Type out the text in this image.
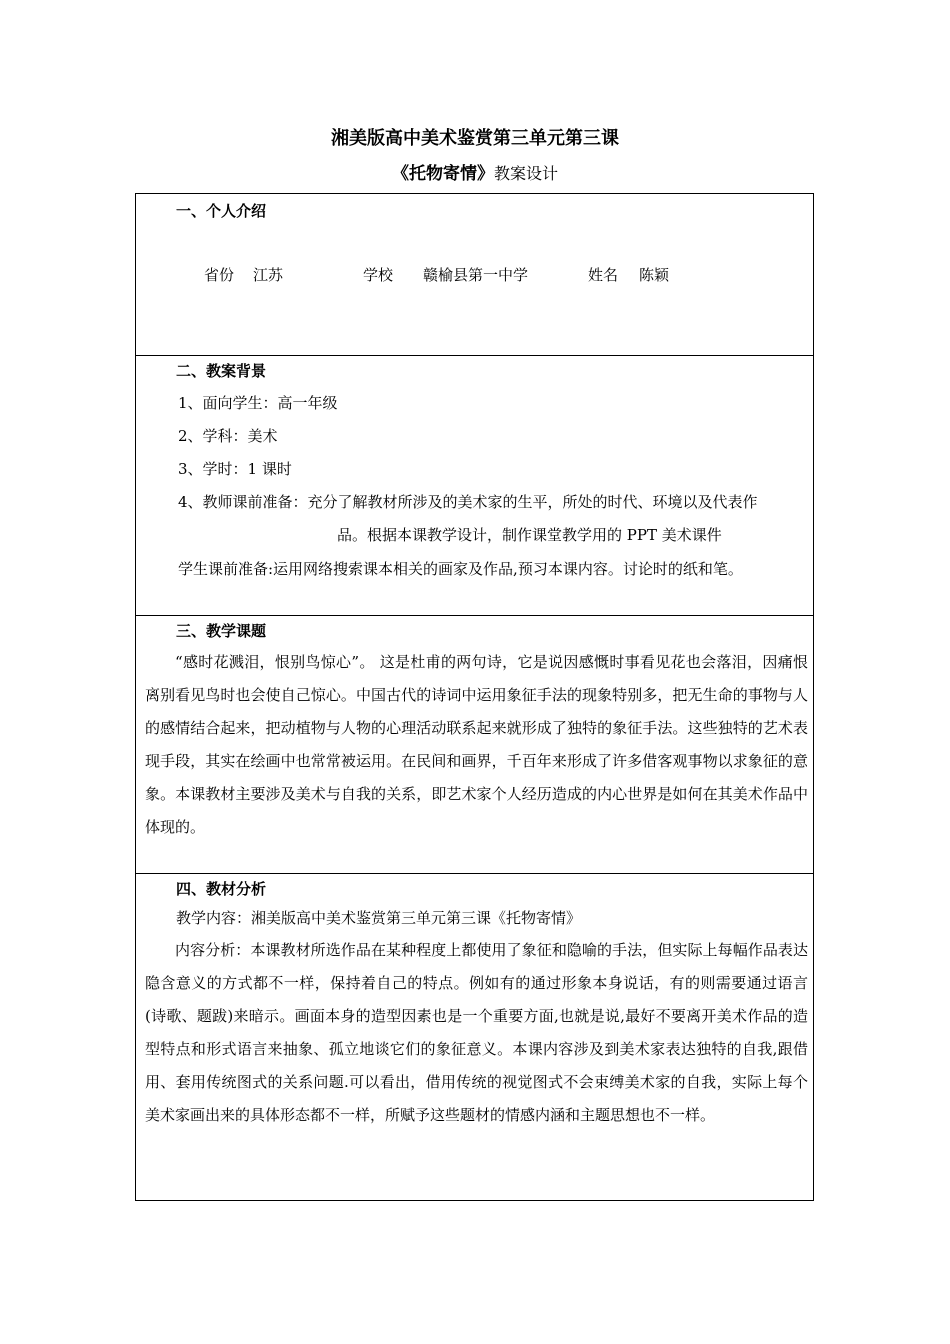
湘美版高中美术鉴赏第三单元第三课
《托物寄情》教案设计
一、个人介绍
省份 江苏	学校 赣榆县第一中学	姓名 陈颖
二、教案背景
1、面向学生：高一年级
2、学科：美术
3、学时：1 课时
4、教师课前准备：充分了解教材所涉及的美术家的生平，所处的时代、环境以及代表作
品。根据本课教学设计，制作课堂教学用的 PPT 美术课件
学生课前准备:运用网络搜索课本相关的画家及作品,预习本课内容。讨论时的纸和笔。
三、教学课题
“感时花溅泪，恨别鸟惊心”。 这是杜甫的两句诗，它是说因感慨时事看见花也会落泪，因痛恨离别看见鸟时也会使自己惊心。中国古代的诗词中运用象征手法的现象特别多，把无生命的事物与人的感情结合起来，把动植物与人物的心理活动联系起来就形成了独特的象征手法。这些独特的艺术表现手段，其实在绘画中也常常被运用。在民间和画界，千百年来形成了许多借客观事物以求象征的意象。本课教材主要涉及美术与自我的关系，即艺术家个人经历造成的内心世界是如何在其美术作品中体现的。
四、教材分析
教学内容：湘美版高中美术鉴赏第三单元第三课《托物寄情》
内容分析：本课教材所选作品在某种程度上都使用了象征和隐喻的手法，但实际上每幅作品表达隐含意义的方式都不一样，保持着自己的特点。例如有的通过形象本身说话，有的则需要通过语言(诗歌、题跋)来暗示。画面本身的造型因素也是一个重要方面,也就是说,最好不要离开美术作品的造型特点和形式语言来抽象、孤立地谈它们的象征意义。本课内容涉及到美术家表达独特的自我,跟借用、套用传统图式的关系问题.可以看出，借用传统的视觉图式不会束缚美术家的自我，实际上每个美术家画出来的具体形态都不一样，所赋予这些题材的情感内涵和主题思想也不一样。
